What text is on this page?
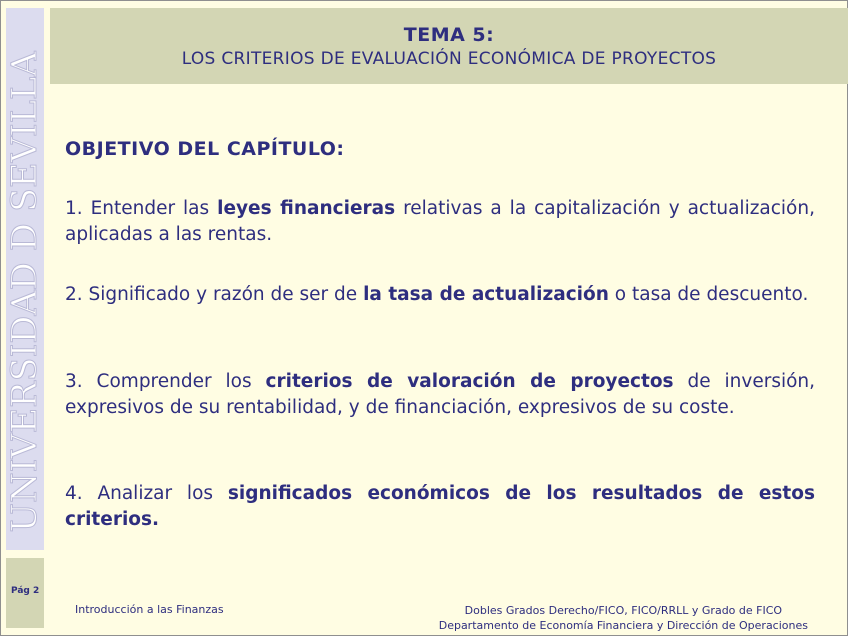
UNIVERSIDAD D SEVILLA
Pág 2
TEMA 5:
LOS CRITERIOS DE EVALUACIÓN ECONÓMICA DE PROYECTOS

OBJETIVO DEL CAPÍTULO:

1. Entender las leyes financieras relativas a la capitalización y actualización, aplicadas a las rentas.

2. Significado y razón de ser de la tasa de actualización o tasa de descuento.

3. Comprender los criterios de valoración de proyectos de inversión, expresivos de su rentabilidad, y de financiación, expresivos de su coste.

4. Analizar los significados económicos de los resultados de estos criterios.

Introducción a las Finanzas	Dobles Grados Derecho/FICO, FICO/RRLL y Grado de FICO
Departamento de Economía Financiera y Dirección de Operaciones
